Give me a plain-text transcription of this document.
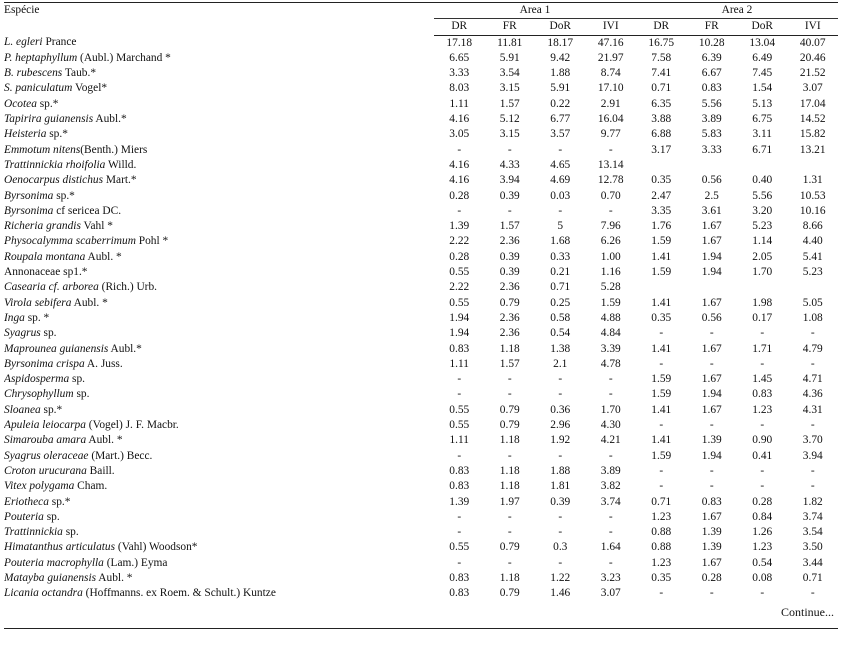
Espécie	Area 1				Area 2			
	DR	FR	DoR	IVI	DR	FR	DoR	IVI
L. egleri Prance	17.18	11.81	18.17	47.16	16.75	10.28	13.04	40.07
P. heptaphyllum (Aubl.) Marchand *	6.65	5.91	9.42	21.97	7.58	6.39	6.49	20.46
B. rubescens Taub.*	3.33	3.54	1.88	8.74	7.41	6.67	7.45	21.52
S. paniculatum Vogel*	8.03	3.15	5.91	17.10	0.71	0.83	1.54	3.07
Ocotea sp.*	1.11	1.57	0.22	2.91	6.35	5.56	5.13	17.04
Tapirira guianensis Aubl.*	4.16	5.12	6.77	16.04	3.88	3.89	6.75	14.52
Heisteria sp.*	3.05	3.15	3.57	9.77	6.88	5.83	3.11	15.82
Emmotum nitens(Benth.) Miers	-	-	-	-	3.17	3.33	6.71	13.21
Trattinnickia rhoifolia Willd.	4.16	4.33	4.65	13.14				
Oenocarpus distichus Mart.*	4.16	3.94	4.69	12.78	0.35	0.56	0.40	1.31
Byrsonima sp.*	0.28	0.39	0.03	0.70	2.47	2.5	5.56	10.53
Byrsonima cf sericea DC.	-	-	-	-	3.35	3.61	3.20	10.16
Richeria grandis Vahl *	1.39	1.57	5	7.96	1.76	1.67	5.23	8.66
Physocalymma scaberrimum Pohl *	2.22	2.36	1.68	6.26	1.59	1.67	1.14	4.40
Roupala montana Aubl. *	0.28	0.39	0.33	1.00	1.41	1.94	2.05	5.41
Annonaceae sp1.*	0.55	0.39	0.21	1.16	1.59	1.94	1.70	5.23
Casearia cf. arborea (Rich.) Urb.	2.22	2.36	0.71	5.28				
Virola sebifera Aubl. *	0.55	0.79	0.25	1.59	1.41	1.67	1.98	5.05
Inga sp. *	1.94	2.36	0.58	4.88	0.35	0.56	0.17	1.08
Syagrus sp.	1.94	2.36	0.54	4.84	-	-	-	-
Maprounea guianensis Aubl.*	0.83	1.18	1.38	3.39	1.41	1.67	1.71	4.79
Byrsonima crispa A. Juss.	1.11	1.57	2.1	4.78	-	-	-	-
Aspidosperma sp.	-	-	-	-	1.59	1.67	1.45	4.71
Chrysophyllum sp.	-	-	-	-	1.59	1.94	0.83	4.36
Sloanea sp.*	0.55	0.79	0.36	1.70	1.41	1.67	1.23	4.31
Apuleia leiocarpa (Vogel) J. F. Macbr.	0.55	0.79	2.96	4.30	-	-	-	-
Simarouba amara Aubl. *	1.11	1.18	1.92	4.21	1.41	1.39	0.90	3.70
Syagrus oleraceae (Mart.) Becc.	-	-	-	-	1.59	1.94	0.41	3.94
Croton urucurana Baill.	0.83	1.18	1.88	3.89	-	-	-	-
Vitex polygama Cham.	0.83	1.18	1.81	3.82	-	-	-	-
Eriotheca sp.*	1.39	1.97	0.39	3.74	0.71	0.83	0.28	1.82
Pouteria sp.	-	-	-	-	1.23	1.67	0.84	3.74
Trattinnickia sp.	-	-	-	-	0.88	1.39	1.26	3.54
Himatanthus articulatus (Vahl) Woodson*	0.55	0.79	0.3	1.64	0.88	1.39	1.23	3.50
Pouteria macrophylla (Lam.) Eyma	-	-	-	-	1.23	1.67	0.54	3.44
Matayba guianensis Aubl. *	0.83	1.18	1.22	3.23	0.35	0.28	0.08	0.71
Licania octandra (Hoffmanns. ex Roem. & Schult.) Kuntze	0.83	0.79	1.46	3.07	-	-	-	-
Continue...
